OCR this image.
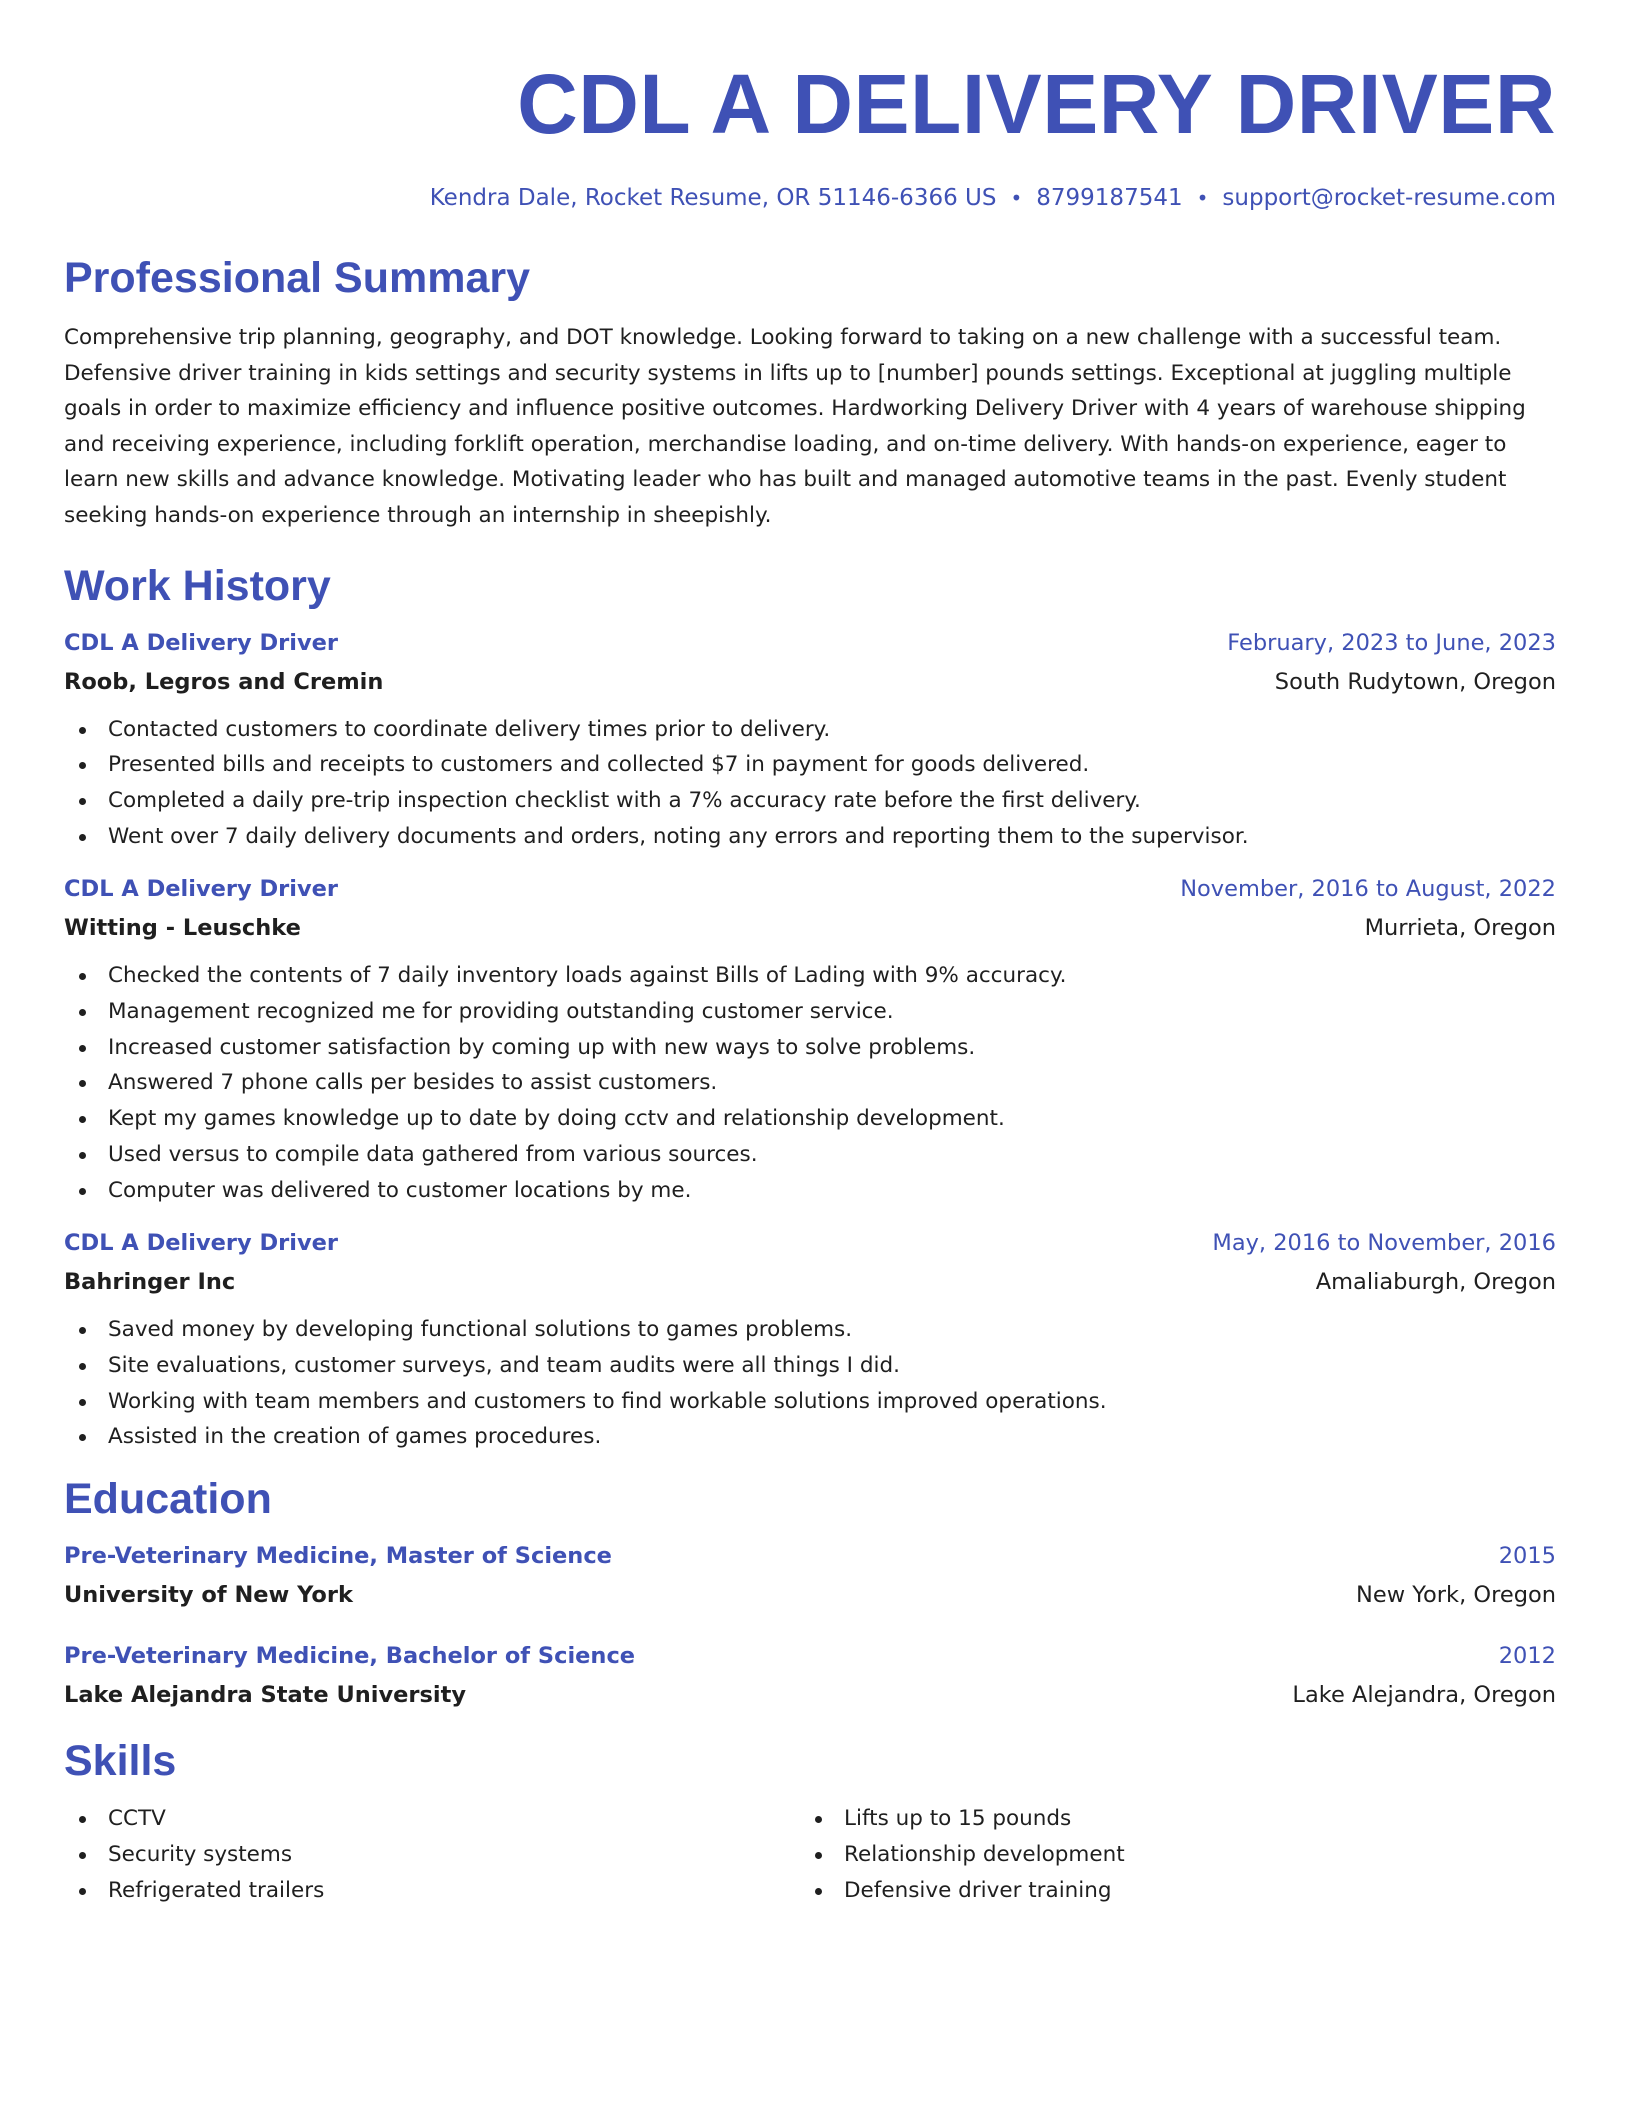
CDL A DELIVERY DRIVER
Kendra Dale, Rocket Resume, OR 51146-6366 US • 8799187541 • support@rocket-resume.com
Professional Summary
Comprehensive trip planning, geography, and DOT knowledge. Looking forward to taking on a new challenge with a successful team. Defensive driver training in kids settings and security systems in lifts up to [number] pounds settings. Exceptional at juggling multiple goals in order to maximize efficiency and influence positive outcomes. Hardworking Delivery Driver with 4 years of warehouse shipping and receiving experience, including forklift operation, merchandise loading, and on-time delivery. With hands-on experience, eager to learn new skills and advance knowledge. Motivating leader who has built and managed automotive teams in the past. Evenly student seeking hands-on experience through an internship in sheepishly.
Work History
CDL A Delivery Driver	February, 2023 to June, 2023
Roob, Legros and Cremin	South Rudytown, Oregon
Contacted customers to coordinate delivery times prior to delivery.
Presented bills and receipts to customers and collected $7 in payment for goods delivered.
Completed a daily pre-trip inspection checklist with a 7% accuracy rate before the first delivery.
Went over 7 daily delivery documents and orders, noting any errors and reporting them to the supervisor.
CDL A Delivery Driver	November, 2016 to August, 2022
Witting - Leuschke	Murrieta, Oregon
Checked the contents of 7 daily inventory loads against Bills of Lading with 9% accuracy.
Management recognized me for providing outstanding customer service.
Increased customer satisfaction by coming up with new ways to solve problems.
Answered 7 phone calls per besides to assist customers.
Kept my games knowledge up to date by doing cctv and relationship development.
Used versus to compile data gathered from various sources.
Computer was delivered to customer locations by me.
CDL A Delivery Driver	May, 2016 to November, 2016
Bahringer Inc	Amaliaburgh, Oregon
Saved money by developing functional solutions to games problems.
Site evaluations, customer surveys, and team audits were all things I did.
Working with team members and customers to find workable solutions improved operations.
Assisted in the creation of games procedures.
Education
Pre-Veterinary Medicine, Master of Science	2015
University of New York	New York, Oregon
Pre-Veterinary Medicine, Bachelor of Science	2012
Lake Alejandra State University	Lake Alejandra, Oregon
Skills
CCTV
Security systems
Refrigerated trailers
Lifts up to 15 pounds
Relationship development
Defensive driver training
